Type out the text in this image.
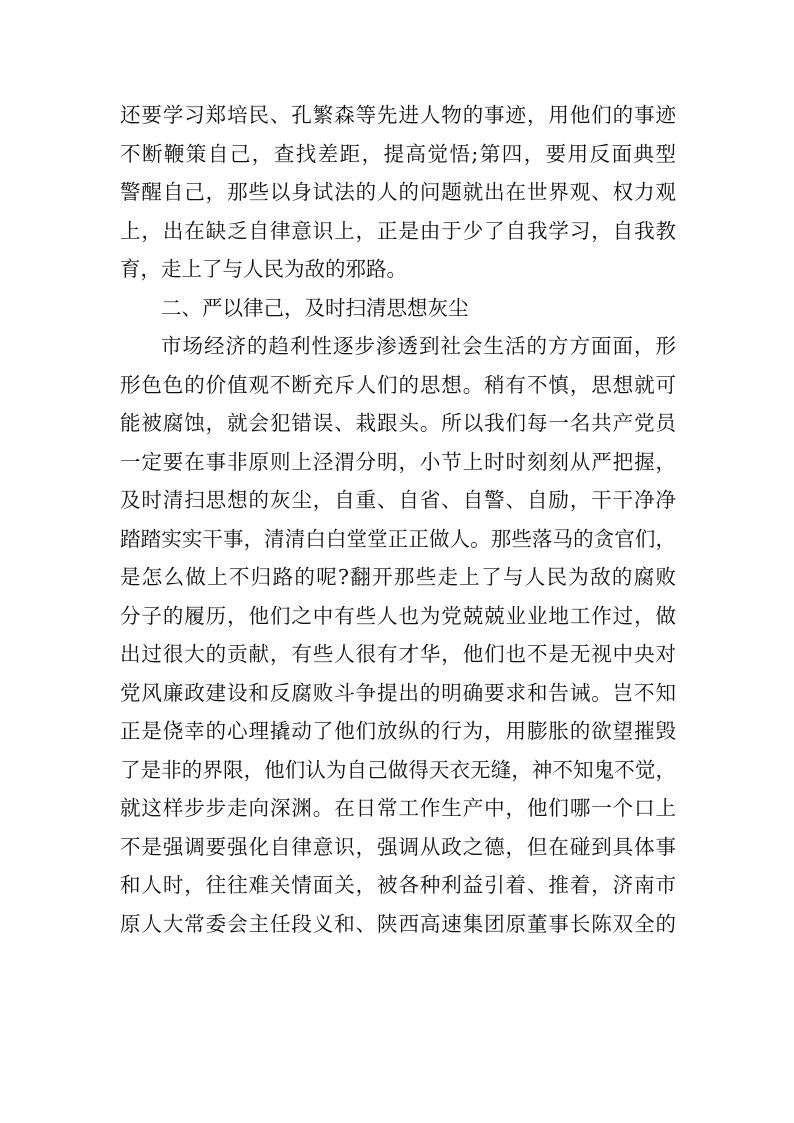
还要学习郑培民、孔繁森等先进人物的事迹，用他们的事迹
不断鞭策自己，查找差距，提高觉悟;第四，要用反面典型
警醒自己，那些以身试法的人的问题就出在世界观、权力观
上，出在缺乏自律意识上，正是由于少了自我学习，自我教
育，走上了与人民为敌的邪路。
二、严以律己，及时扫清思想灰尘
市场经济的趋利性逐步渗透到社会生活的方方面面，形
形色色的价值观不断充斥人们的思想。稍有不慎，思想就可
能被腐蚀，就会犯错误、栽跟头。所以我们每一名共产党员
一定要在事非原则上泾渭分明，小节上时时刻刻从严把握，
及时清扫思想的灰尘，自重、自省、自警、自励，干干净净
踏踏实实干事，清清白白堂堂正正做人。那些落马的贪官们，
是怎么做上不归路的呢?翻开那些走上了与人民为敌的腐败
分子的履历，他们之中有些人也为党兢兢业业地工作过，做
出过很大的贡献，有些人很有才华，他们也不是无视中央对
党风廉政建设和反腐败斗争提出的明确要求和告诫。岂不知
正是侥幸的心理撬动了他们放纵的行为，用膨胀的欲望摧毁
了是非的界限，他们认为自己做得天衣无缝，神不知鬼不觉，
就这样步步走向深渊。在日常工作生产中，他们哪一个口上
不是强调要强化自律意识，强调从政之德，但在碰到具体事
和人时，往往难关情面关，被各种利益引着、推着，济南市
原人大常委会主任段义和、陕西高速集团原董事长陈双全的
